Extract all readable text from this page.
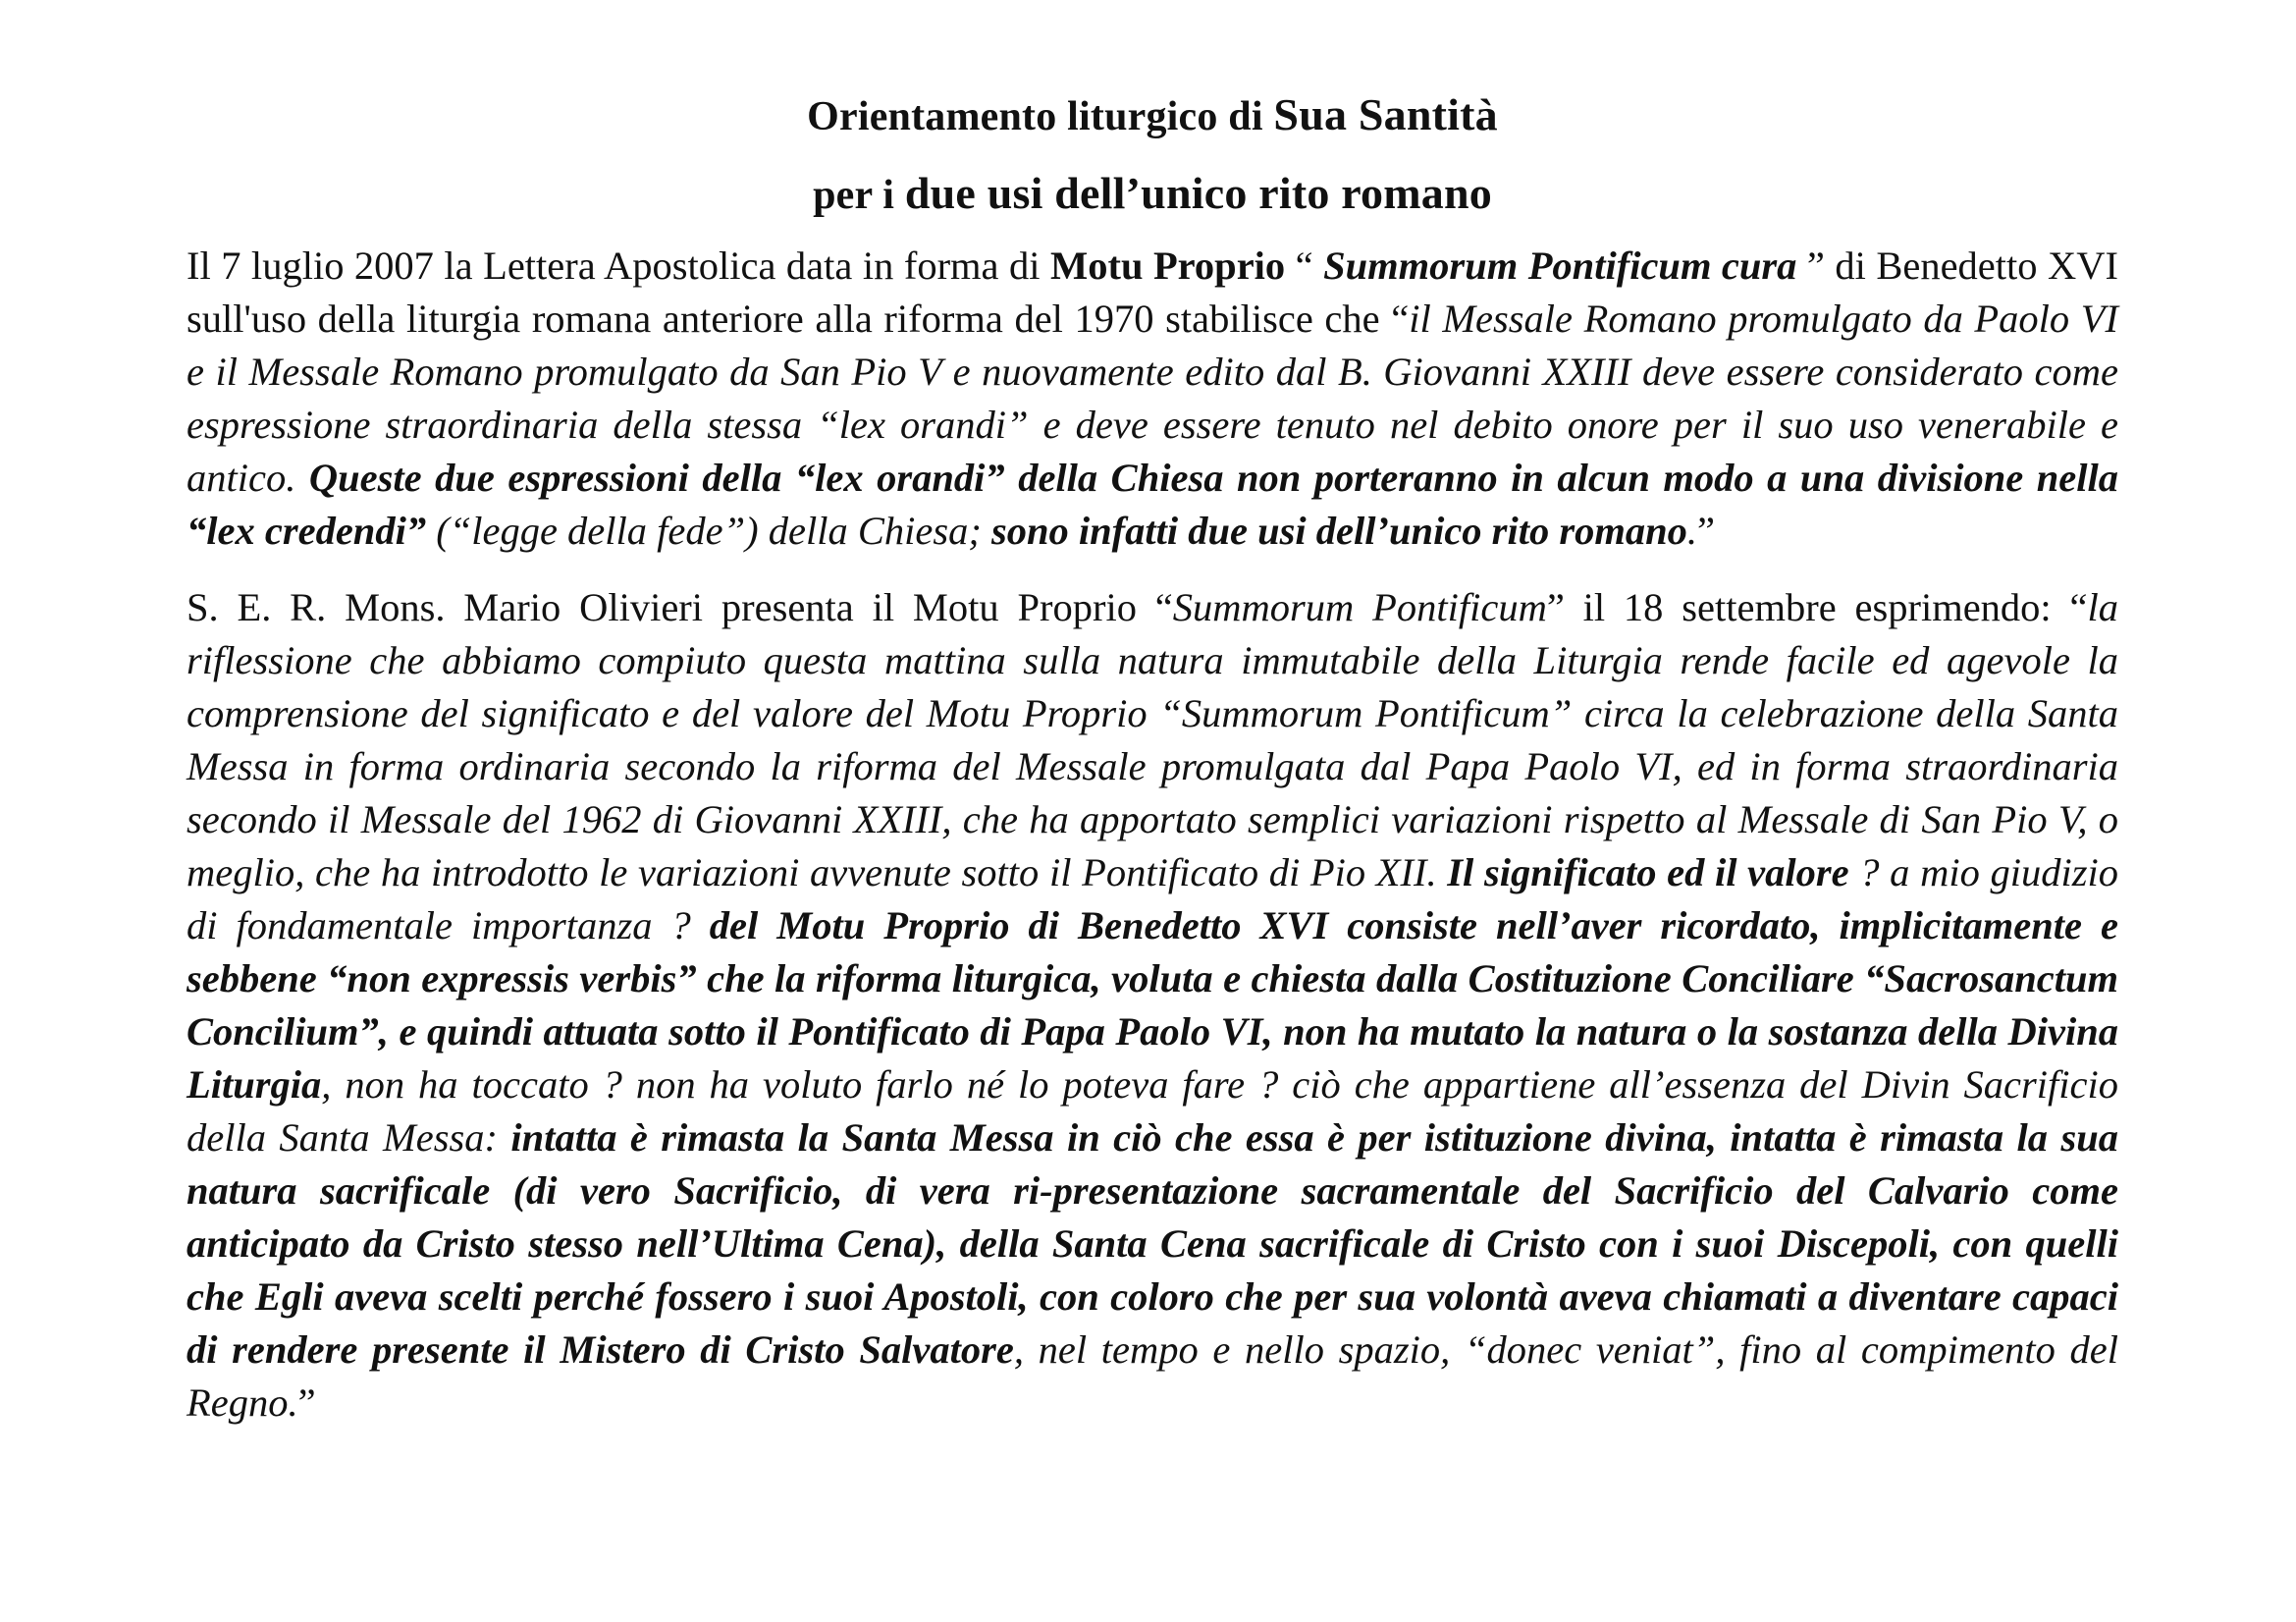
Orientamento liturgico di Sua Santità
per i due usi dell’unico rito romano

Il 7 luglio 2007 la Lettera Apostolica data in forma di Motu Proprio “ Summorum Pontificum cura ” di Benedetto XVI sull'uso della liturgia romana anteriore alla riforma del 1970 stabilisce che “il Messale Romano promulgato da Paolo VI e il Messale Romano promulgato da San Pio V e nuovamente edito dal B. Giovanni XXIII deve essere considerato come espressione straordinaria della stessa “lex orandi” e deve essere tenuto nel debito onore per il suo uso venerabile e antico. Queste due espressioni della “lex orandi” della Chiesa non porteranno in alcun modo a una divisione nella “lex credendi” (“legge della fede”) della Chiesa; sono infatti due usi dell’unico rito romano.”

S. E. R. Mons. Mario Olivieri presenta il Motu Proprio “Summorum Pontificum” il 18 settembre esprimendo: “la riflessione che abbiamo compiuto questa mattina sulla natura immutabile della Liturgia rende facile ed agevole la comprensione del significato e del valore del Motu Proprio “Summorum Pontificum” circa la celebrazione della Santa Messa in forma ordinaria secondo la riforma del Messale promulgata dal Papa Paolo VI, ed in forma straordinaria secondo il Messale del 1962 di Giovanni XXIII, che ha apportato semplici variazioni rispetto al Messale di San Pio V, o meglio, che ha introdotto le variazioni avvenute sotto il Pontificato di Pio XII. Il significato ed il valore ? a mio giudizio di fondamentale importanza ? del Motu Proprio di Benedetto XVI consiste nell’aver ricordato, implicitamente e sebbene “non expressis verbis” che la riforma liturgica, voluta e chiesta dalla Costituzione Conciliare “Sacrosanctum Concilium”, e quindi attuata sotto il Pontificato di Papa Paolo VI, non ha mutato la natura o la sostanza della Divina Liturgia, non ha toccato ? non ha voluto farlo né lo poteva fare ? ciò che appartiene all’essenza del Divin Sacrificio della Santa Messa: intatta è rimasta la Santa Messa in ciò che essa è per istituzione divina, intatta è rimasta la sua natura sacrificale (di vero Sacrificio, di vera ri-presentazione sacramentale del Sacrificio del Calvario come anticipato da Cristo stesso nell’Ultima Cena), della Santa Cena sacrificale di Cristo con i suoi Discepoli, con quelli che Egli aveva scelti perché fossero i suoi Apostoli, con coloro che per sua volontà aveva chiamati a diventare capaci di rendere presente il Mistero di Cristo Salvatore, nel tempo e nello spazio, “donec veniat”, fino al compimento del Regno.”
